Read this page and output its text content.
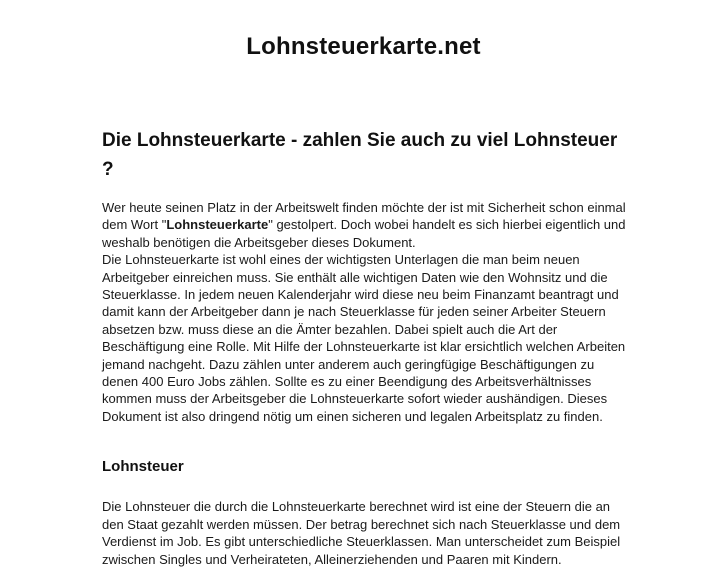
Lohnsteuerkarte.net
Die Lohnsteuerkarte - zahlen Sie auch zu viel Lohnsteuer ?

Wer heute seinen Platz in der Arbeitswelt finden möchte der ist mit Sicherheit schon einmal dem Wort "Lohnsteuerkarte" gestolpert. Doch wobei handelt es sich hierbei eigentlich und weshalb benötigen die Arbeitsgeber dieses Dokument.

Die Lohnsteuerkarte ist wohl eines der wichtigsten Unterlagen die man beim neuen Arbeitgeber einreichen muss. Sie enthält alle wichtigen Daten wie den Wohnsitz und die Steuerklasse. In jedem neuen Kalenderjahr wird diese neu beim Finanzamt beantragt und damit kann der Arbeitgeber dann je nach Steuerklasse für jeden seiner Arbeiter Steuern absetzen bzw. muss diese an die Ämter bezahlen. Dabei spielt auch die Art der Beschäftigung eine Rolle. Mit Hilfe der Lohnsteuerkarte ist klar ersichtlich welchen Arbeiten jemand nachgeht. Dazu zählen unter anderem auch geringfügige Beschäftigungen zu denen 400 Euro Jobs zählen. Sollte es zu einer Beendigung des Arbeitsverhältnisses kommen muss der Arbeitsgeber die Lohnsteuerkarte sofort wieder aushändigen. Dieses Dokument ist also dringend nötig um einen sicheren und legalen Arbeitsplatz zu finden.

Lohnsteuer

Die Lohnsteuer die durch die Lohnsteuerkarte berechnet wird ist eine der Steuern die an den Staat gezahlt werden müssen. Der betrag berechnet sich nach Steuerklasse und dem Verdienst im Job. Es gibt unterschiedliche Steuerklassen. Man unterscheidet zum Beispiel zwischen Singles und Verheirateten, Alleinerziehenden und Paaren mit Kindern.
